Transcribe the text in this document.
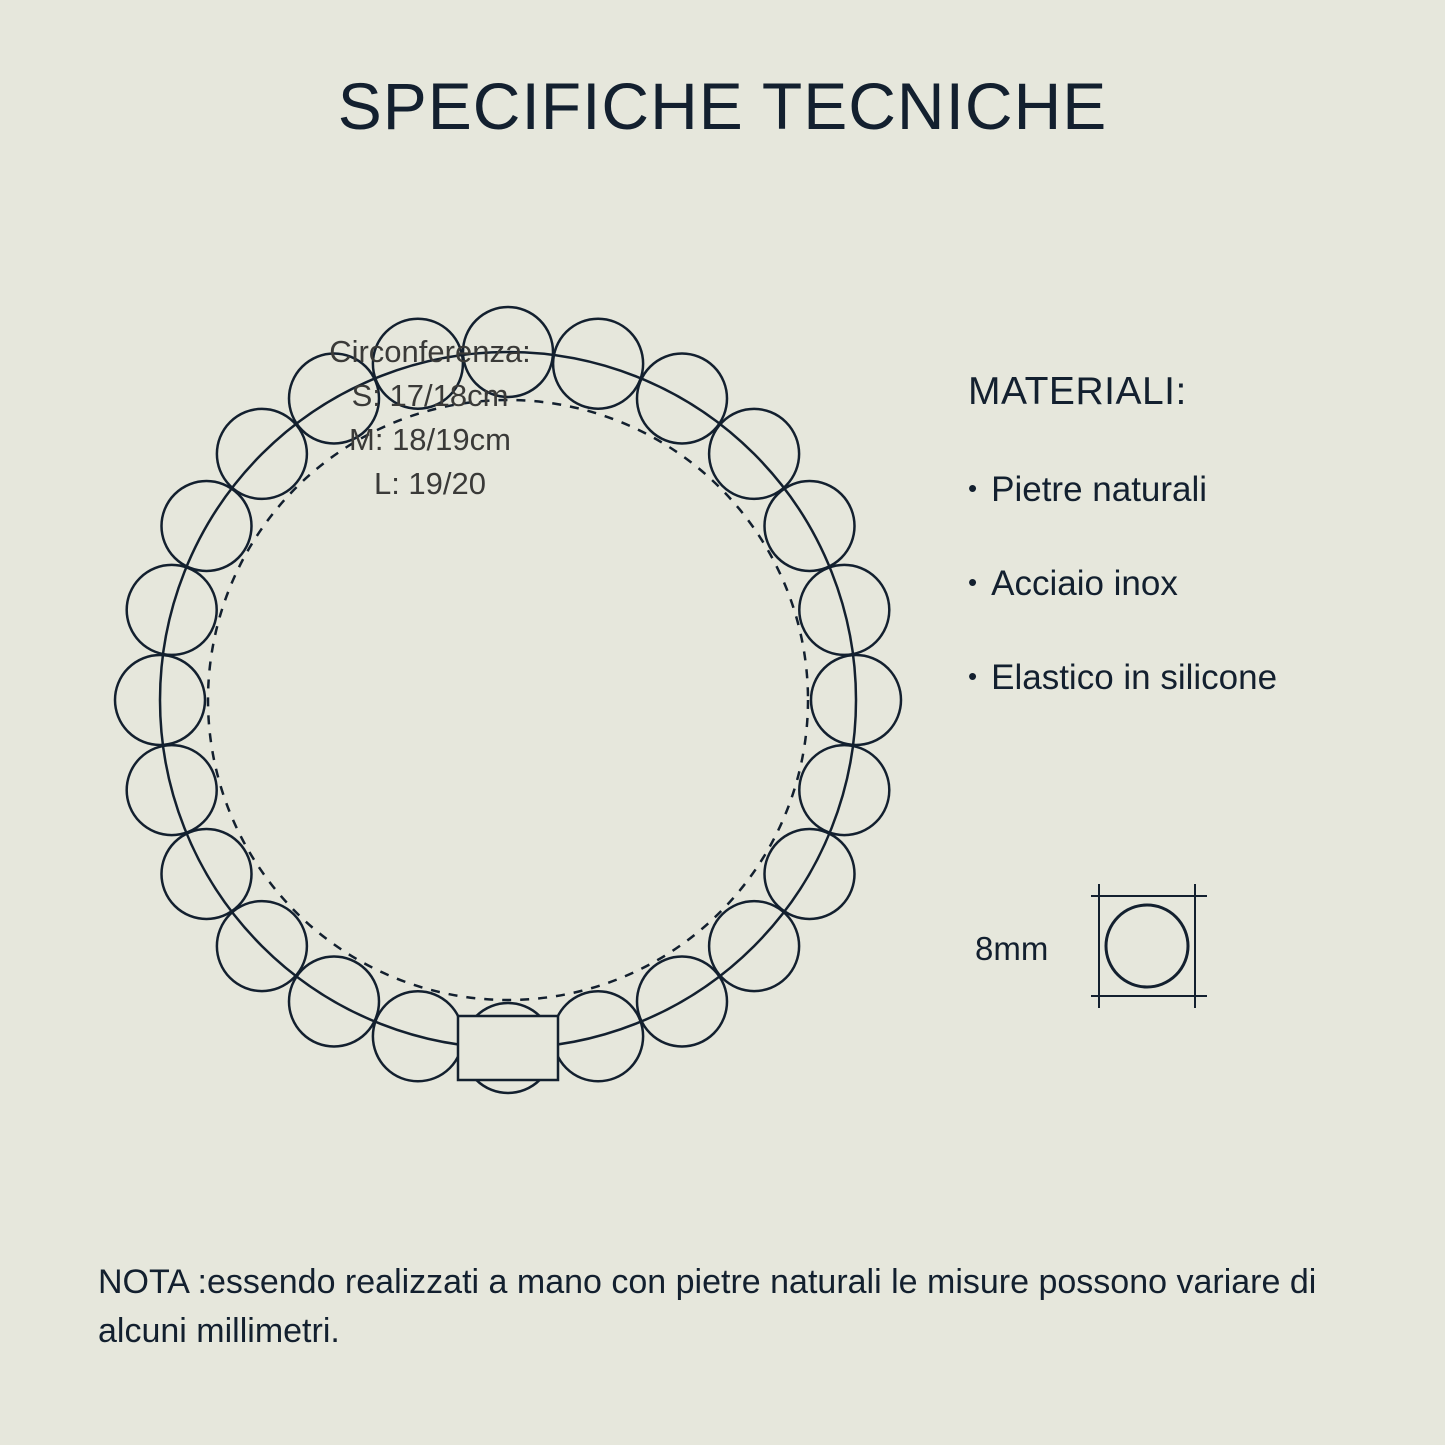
SPECIFICHE TECNICHE
Circonferenza:
S: 17/18cm
M: 18/19cm
L: 19/20
MATERIALI:
• Pietre naturali
• Acciaio inox
• Elastico in silicone
8mm
NOTA :essendo realizzati a mano con pietre naturali le misure possono variare di alcuni millimetri.
